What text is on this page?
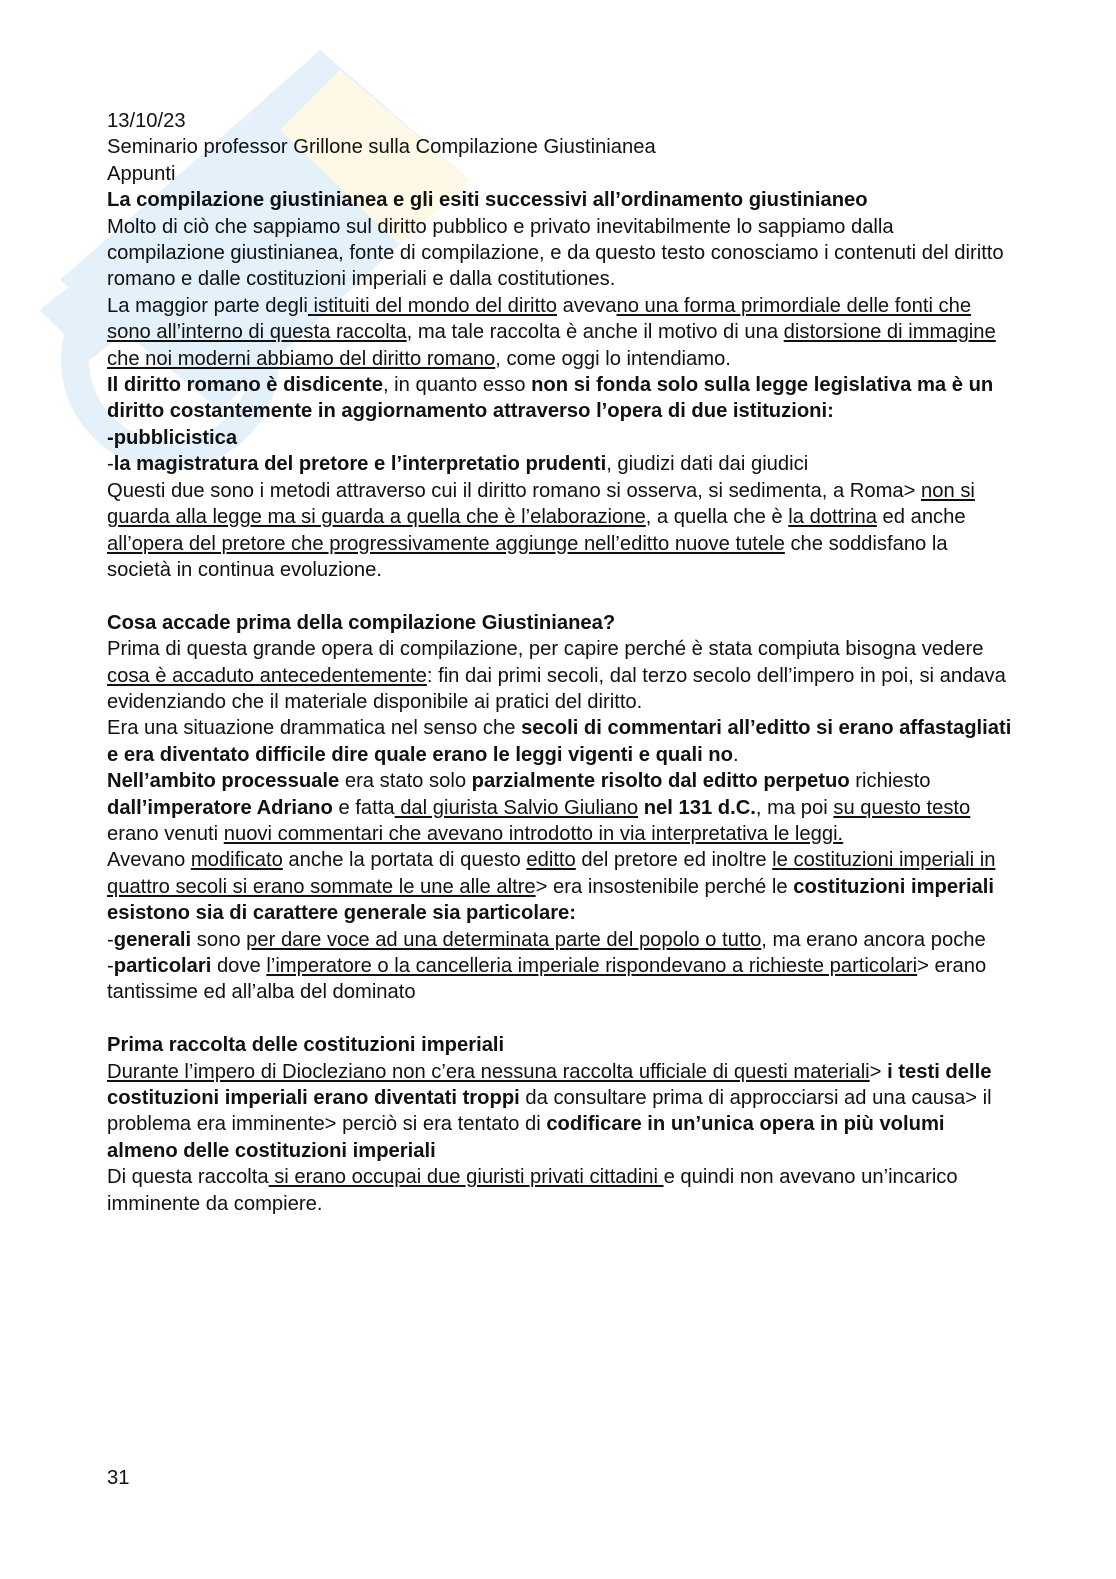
13/10/23

Seminario professor Grillone sulla Compilazione Giustinianea

Appunti

La compilazione giustinianea e gli esiti successivi all’ordinamento giustinianeo

Molto di ciò che sappiamo sul diritto pubblico e privato inevitabilmente lo sappiamo dalla compilazione giustinianea, fonte di compilazione, e da questo testo conosciamo i contenuti del diritto romano e dalle costituzioni imperiali e dalla costitutiones.

La maggior parte degli istituiti del mondo del diritto avevano una forma primordiale delle fonti che sono all’interno di questa raccolta, ma tale raccolta è anche il motivo di una distorsione di immagine che noi moderni abbiamo del diritto romano, come oggi lo intendiamo.

Il diritto romano è disdicente, in quanto esso non si fonda solo sulla legge legislativa ma è un diritto costantemente in aggiornamento attraverso l’opera di due istituzioni:

-pubblicistica

-la magistratura del pretore e l’interpretatio prudenti, giudizi dati dai giudici

Questi due sono i metodi attraverso cui il diritto romano si osserva, si sedimenta, a Roma> non si guarda alla legge ma si guarda a quella che è l’elaborazione, a quella che è la dottrina ed anche all’opera del pretore che progressivamente aggiunge nell’editto nuove tutele che soddisfano la società in continua evoluzione.

Cosa accade prima della compilazione Giustinianea?

Prima di questa grande opera di compilazione, per capire perché è stata compiuta bisogna vedere cosa è accaduto antecedentemente: fin dai primi secoli, dal terzo secolo dell’impero in poi, si andava evidenziando che il materiale disponibile ai pratici del diritto.

Era una situazione drammatica nel senso che secoli di commentari all’editto si erano affastagliati e era diventato difficile dire quale erano le leggi vigenti e quali no.

Nell’ambito processuale era stato solo parzialmente risolto dal editto perpetuo richiesto dall’imperatore Adriano e fatta dal giurista Salvio Giuliano nel 131 d.C., ma poi su questo testo erano venuti nuovi commentari che avevano introdotto in via interpretativa le leggi.

Avevano modificato anche la portata di questo editto del pretore ed inoltre le costituzioni imperiali in quattro secoli si erano sommate le une alle altre> era insostenibile perché le costituzioni imperiali esistono sia di carattere generale sia particolare:

-generali sono per dare voce ad una determinata parte del popolo o tutto, ma erano ancora poche

-particolari dove l’imperatore o la cancelleria imperiale rispondevano a richieste particolari> erano tantissime ed all’alba del dominato

Prima raccolta delle costituzioni imperiali

Durante l’impero di Diocleziano non c’era nessuna raccolta ufficiale di questi materiali> i testi delle costituzioni imperiali erano diventati troppi da consultare prima di approcciarsi ad una causa> il problema era imminente> perciò si era tentato di codificare in un’unica opera in più volumi almeno delle costituzioni imperiali

Di questa raccolta si erano occupai due giuristi privati cittadini e quindi non avevano un’incarico imminente da compiere.

31
